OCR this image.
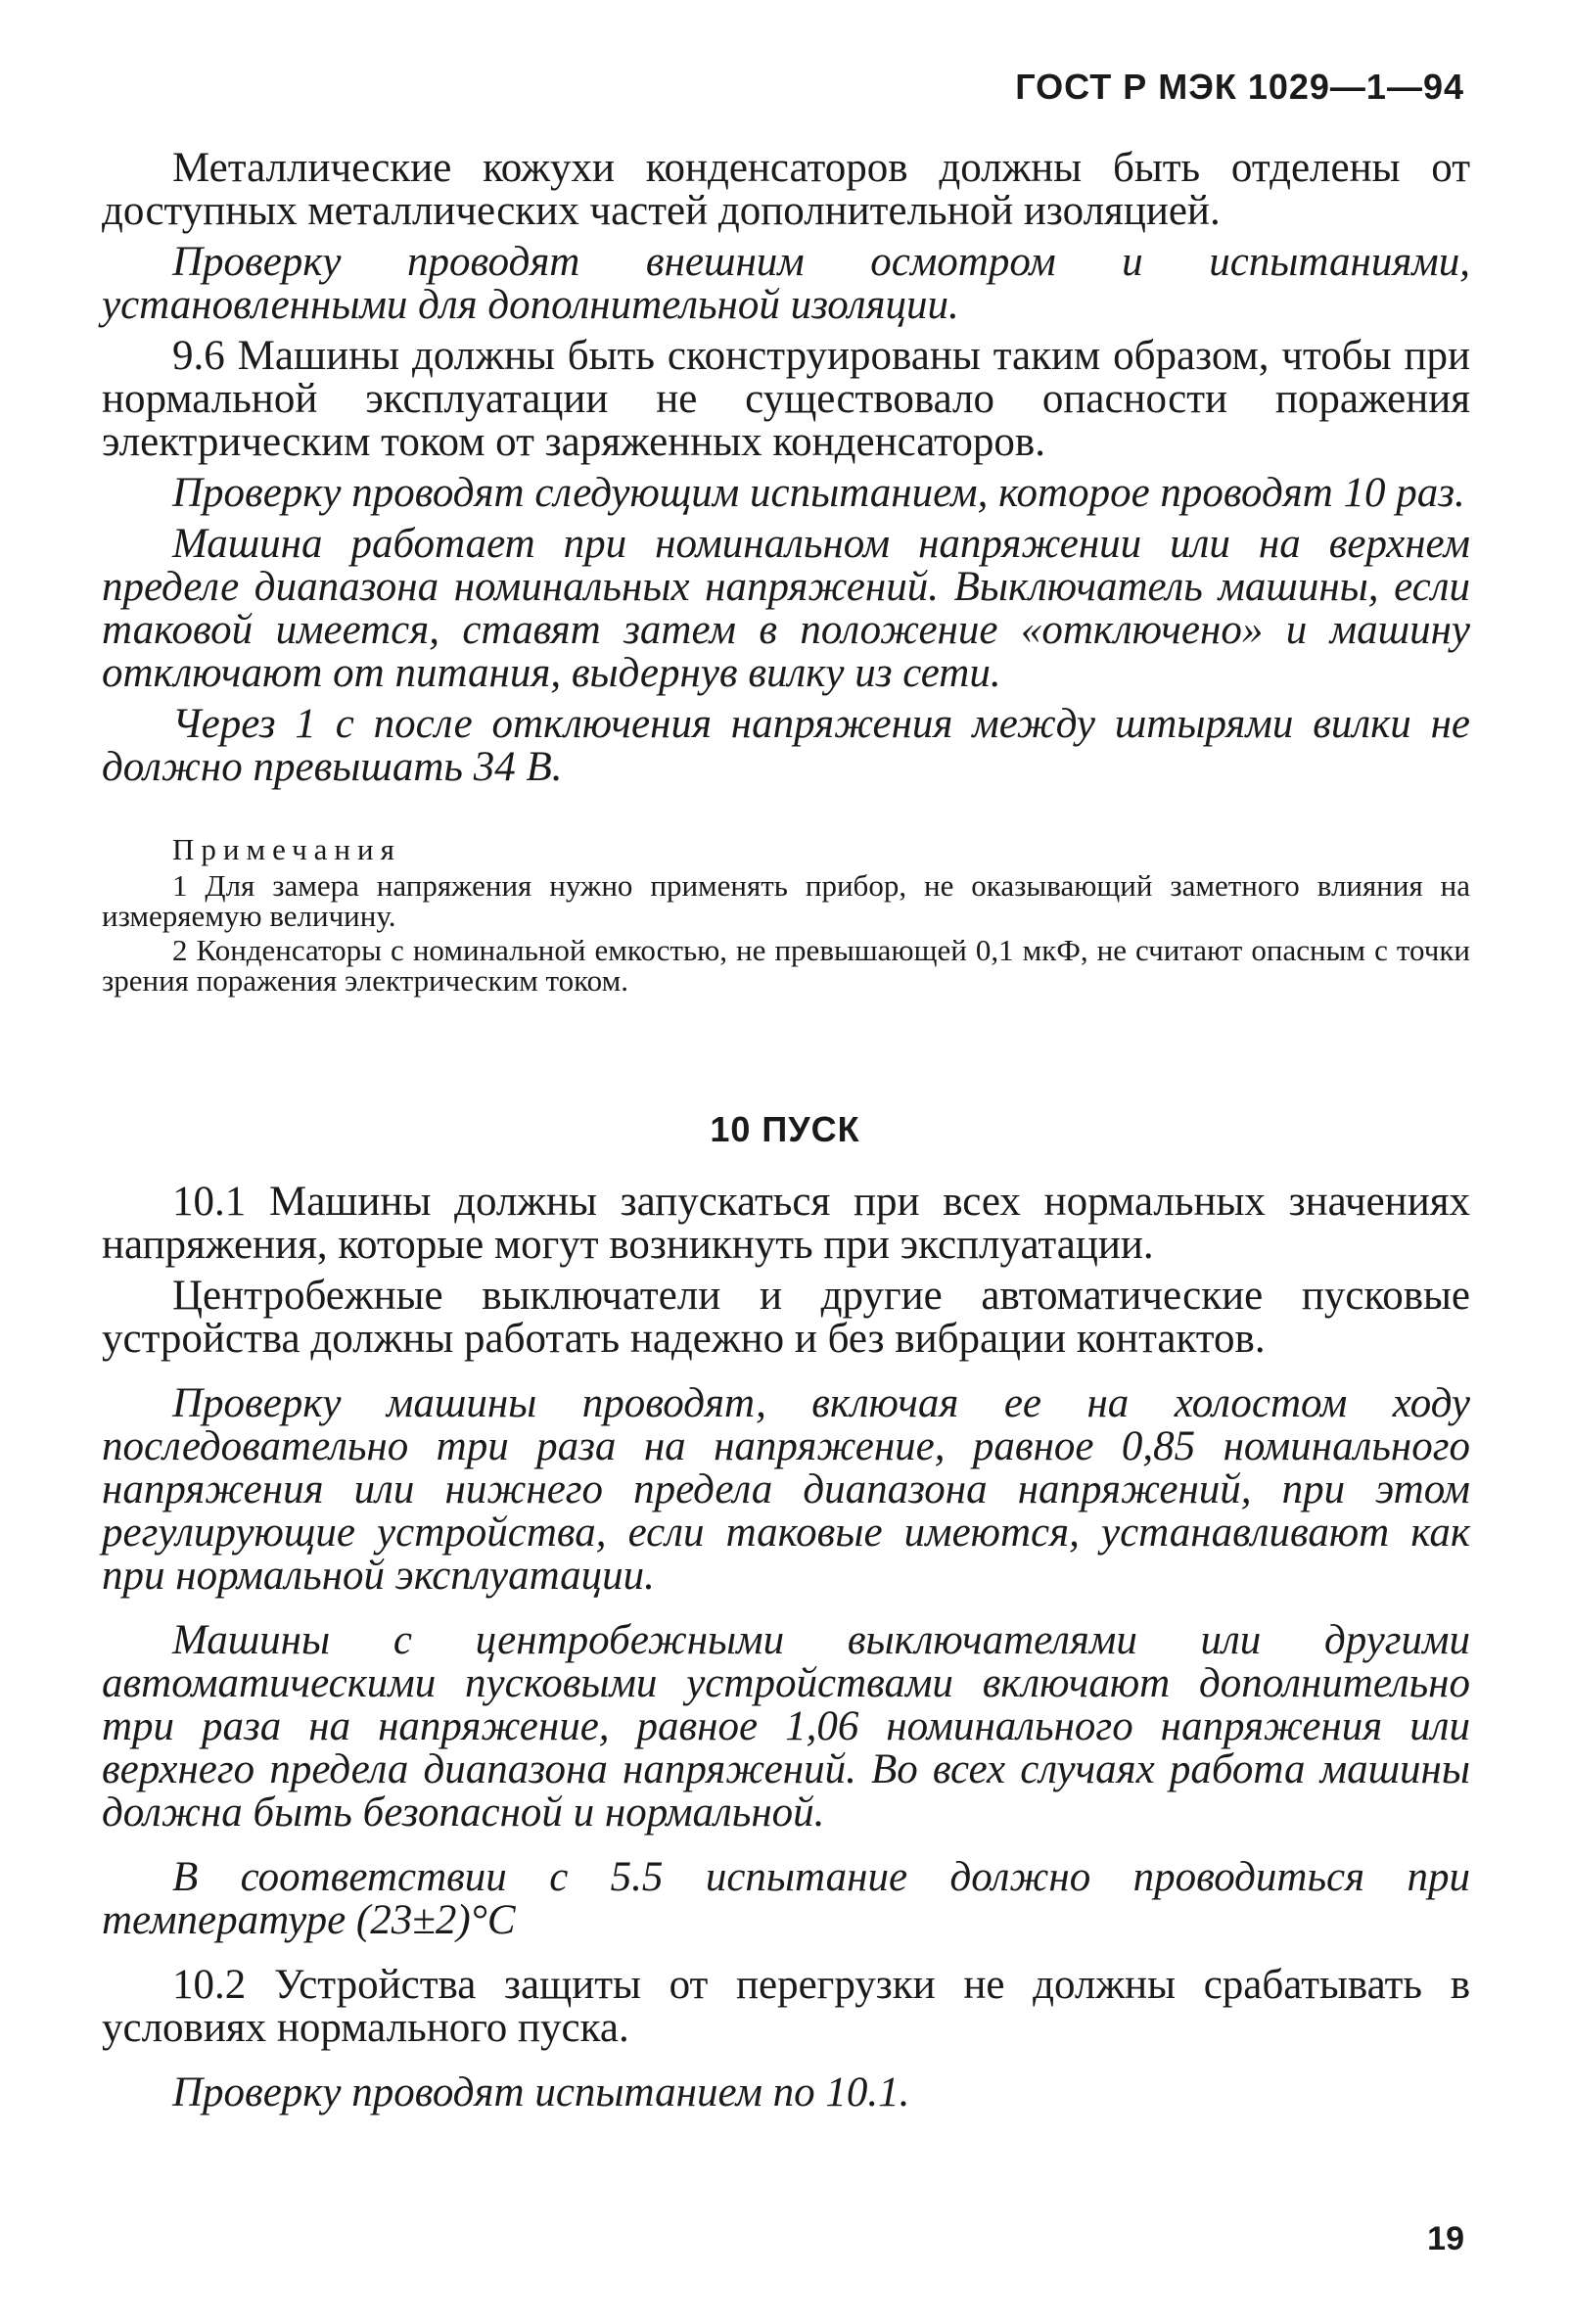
ГОСТ Р МЭК 1029—1—94

Металлические кожухи конденсаторов должны быть отделены от доступных металлических частей дополнительной изоляцией.

Проверку проводят внешним осмотром и испытаниями, установленными для дополнительной изоляции.

9.6 Машины должны быть сконструированы таким образом, чтобы при нормальной эксплуатации не существовало опасности поражения электрическим током от заряженных конденсаторов.

Проверку проводят следующим испытанием, которое проводят 10 раз.

Машина работает при номинальном напряжении или на верхнем пределе диапазона номинальных напряжений. Выключатель машины, если таковой имеется, ставят затем в положение «отключено» и машину отключают от питания, выдернув вилку из сети.

Через 1 с после отключения напряжения между штырями вилки не должно превышать 34 В.

Примечания

1 Для замера напряжения нужно применять прибор, не оказывающий заметного влияния на измеряемую величину.

2 Конденсаторы с номинальной емкостью, не превышающей 0,1 мкФ, не считают опасным с точки зрения поражения электрическим током.

10 ПУСК

10.1 Машины должны запускаться при всех нормальных значениях напряжения, которые могут возникнуть при эксплуатации.

Центробежные выключатели и другие автоматические пусковые устройства должны работать надежно и без вибрации контактов.

Проверку машины проводят, включая ее на холостом ходу последовательно три раза на напряжение, равное 0,85 номинального напряжения или нижнего предела диапазона напряжений, при этом регулирующие устройства, если таковые имеются, устанавливают как при нормальной эксплуатации.

Машины с центробежными выключателями или другими автоматическими пусковыми устройствами включают дополнительно три раза на напряжение, равное 1,06 номинального напряжения или верхнего предела диапазона напряжений. Во всех случаях работа машины должна быть безопасной и нормальной.

В соответствии с 5.5 испытание должно проводиться при температуре (23±2)°С

10.2 Устройства защиты от перегрузки не должны срабатывать в условиях нормального пуска.

Проверку проводят испытанием по 10.1.

19
